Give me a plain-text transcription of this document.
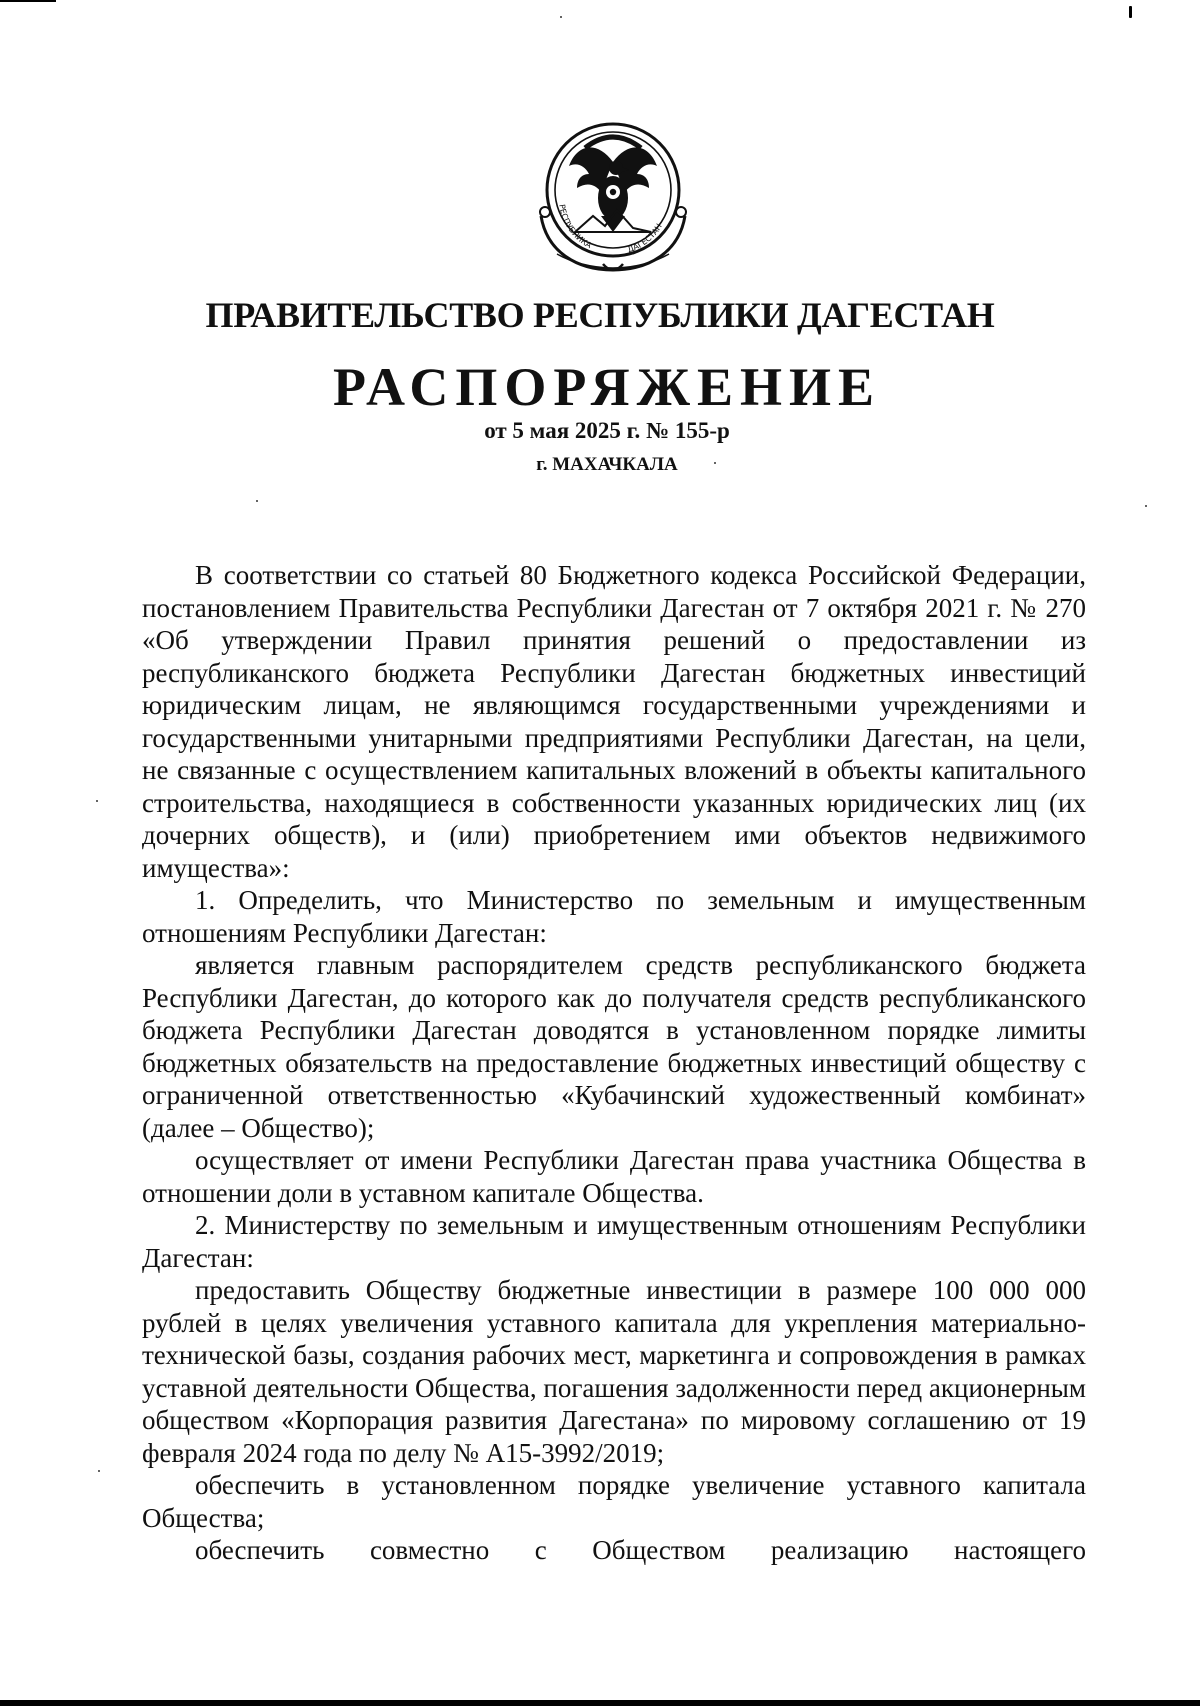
РЕСПУБЛИКА	ДАГЕСТАН
ПРАВИТЕЛЬСТВО РЕСПУБЛИКИ ДАГЕСТАН
РАСПОРЯЖЕНИЕ
от 5 мая 2025 г. № 155-р
г. МАХАЧКАЛА

В соответствии со статьей 80 Бюджетного кодекса Российской Федерации, постановлением Правительства Республики Дагестан от 7 октября 2021 г. № 270 «Об утверждении Правил принятия решений о предоставлении из республиканского бюджета Республики Дагестан бюджетных инвестиций юридическим лицам, не являющимся государственными учреждениями и государственными унитарными предприятиями Республики Дагестан, на цели, не связанные с осуществлением капитальных вложений в объекты капитального строительства, находящиеся в собственности указанных юридических лиц (их дочерних обществ), и (или) приобретением ими объектов недвижимого имущества»:

1. Определить, что Министерство по земельным и имущественным отношениям Республики Дагестан:

является главным распорядителем средств республиканского бюджета Республики Дагестан, до которого как до получателя средств республиканского бюджета Республики Дагестан доводятся в установленном порядке лимиты бюджетных обязательств на предоставление бюджетных инвестиций обществу с ограниченной ответственностью «Кубачинский художественный комбинат» (далее – Общество);

осуществляет от имени Республики Дагестан права участника Общества в отношении доли в уставном капитале Общества.

2. Министерству по земельным и имущественным отношениям Республики Дагестан:

предоставить Обществу бюджетные инвестиции в размере 100 000 000 рублей в целях увеличения уставного капитала для укрепления материально-технической базы, создания рабочих мест, маркетинга и сопровождения в рамках уставной деятельности Общества, погашения задолженности перед акционерным обществом «Корпорация развития Дагестана» по мировому соглашению от 19 февраля 2024 года по делу № А15-3992/2019;

обеспечить в установленном порядке увеличение уставного капитала Общества;

обеспечить совместно с Обществом реализацию настоящего
